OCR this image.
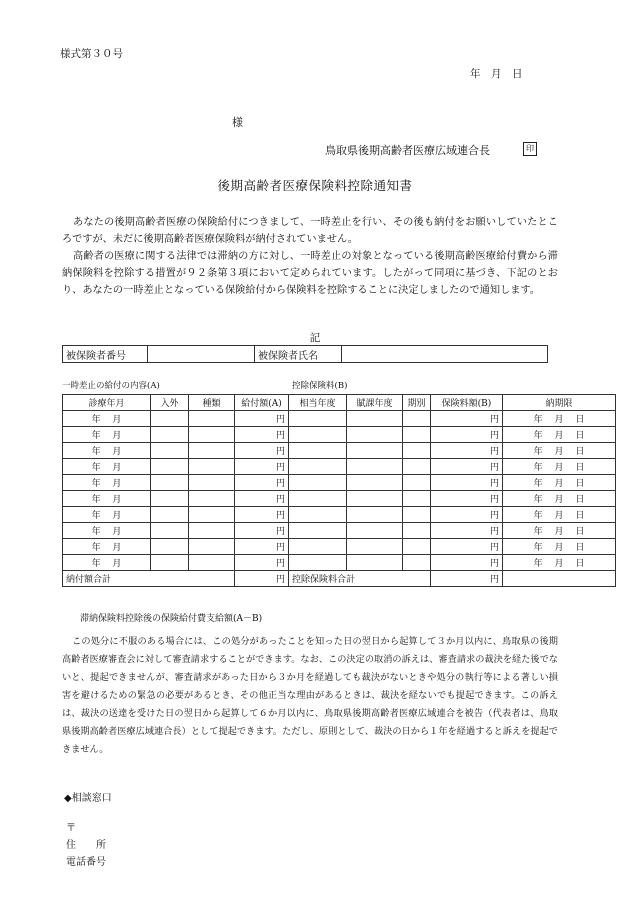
様式第３０号
年　月　日
様
鳥取県後期高齢者医療広域連合長	印
後期高齢者医療保険料控除通知書

あなたの後期高齢者医療の保険給付につきまして、一時差止を行い、その後も納付をお願いしていたところですが、未だに後期高齢者医療保険料が納付されていません。

高齢者の医療に関する法律では滞納の方に対し、一時差止の対象となっている後期高齢医療給付費から滞納保険料を控除する措置が９２条第３項において定められています。したがって同項に基づき、下記のとおり、あなたの一時差止となっている保険給付から保険料を控除することに決定しましたので通知します。

記
被保険者番号		被保険者氏名	
一時差止の給付の内容(A)	控除保険料(B)
診療年月	入外	種類	給付額(A)	相当年度	賦課年度	期別	保険料額(B)	納期限
年　 月			円				円	年　 月　 日
年　 月			円				円	年　 月　 日
年　 月			円				円	年　 月　 日
年　 月			円				円	年　 月　 日
年　 月			円				円	年　 月　 日
年　 月			円				円	年　 月　 日
年　 月			円				円	年　 月　 日
年　 月			円				円	年　 月　 日
年　 月			円				円	年　 月　 日
年　 月			円				円	年　 月　 日
納付額合計			円	控除保険料合計			円	
滞納保険料控除後の保険給付費支給額(A－B)

この処分に不服のある場合には、この処分があったことを知った日の翌日から起算して３か月以内に、鳥取県の後期高齢者医療審査会に対して審査請求することができます。なお、この決定の取消の訴えは、審査請求の裁決を経た後でないと、提起できませんが、審査請求があった日から３か月を経過しても裁決がないときや処分の執行等による著しい損害を避けるための緊急の必要があるとき、その他正当な理由があるときは、裁決を経ないでも提起できます。この訴えは、裁決の送達を受けた日の翌日から起算して６か月以内に、鳥取県後期高齢者医療広域連合を被告（代表者は、鳥取県後期高齢者医療広域連合長）として提起できます。ただし、原則として、裁決の日から１年を経過すると訴えを提起できません。

◆相談窓口
〒
住　　所
電話番号
